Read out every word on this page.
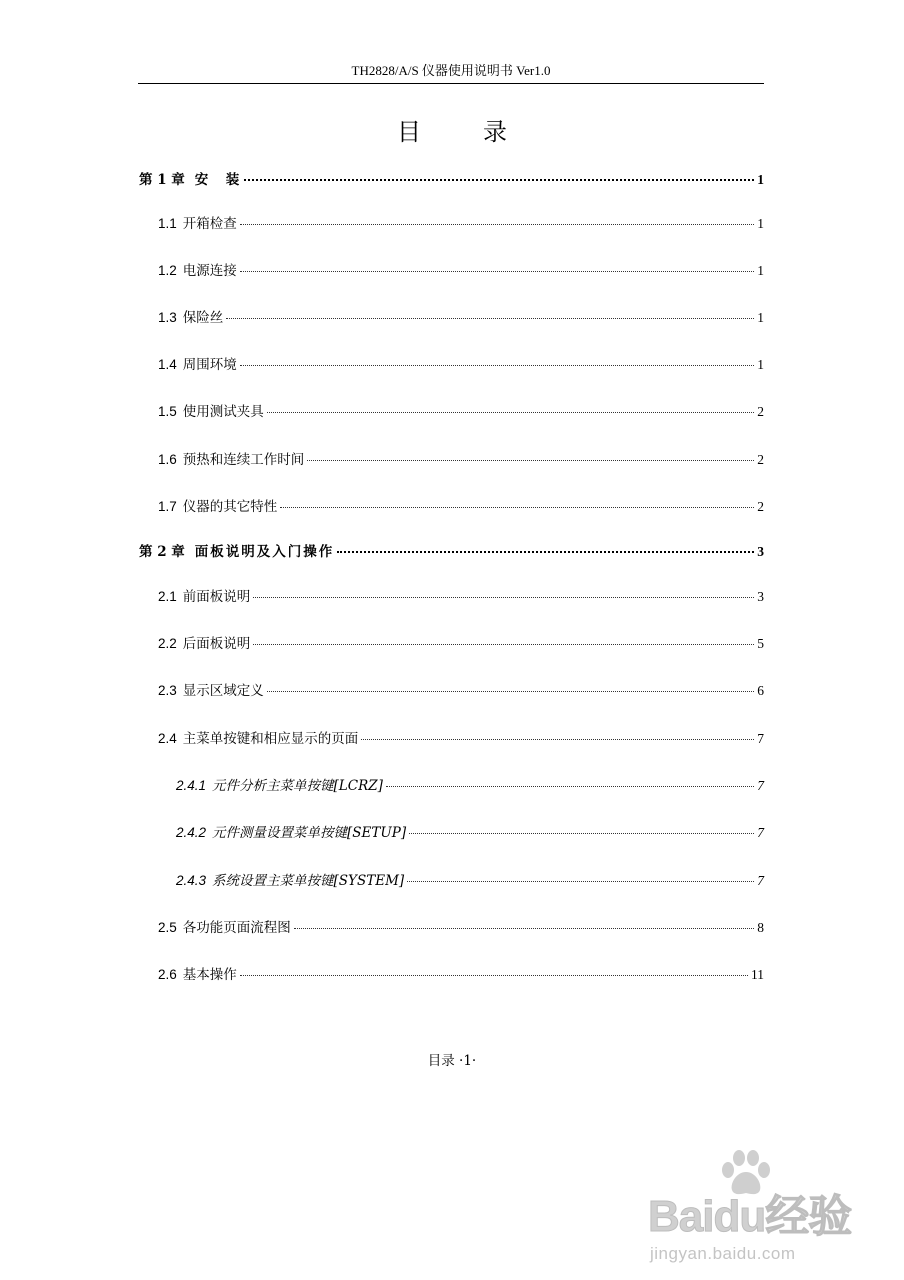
TH2828/A/S 仪器使用说明书 Ver1.0
目录
第 1 章 安　装	1
1.1 开箱检查	1
1.2 电源连接	1
1.3 保险丝	1
1.4 周围环境	1
1.5 使用测试夹具	2
1.6 预热和连续工作时间	2
1.7 仪器的其它特性	2
第 2 章 面板说明及入门操作	3
2.1 前面板说明	3
2.2 后面板说明	5
2.3 显示区域定义	6
2.4 主菜单按键和相应显示的页面	7
2.4.1 元件分析主菜单按键[LCRZ]	7
2.4.2 元件测量设置菜单按键[SETUP]	7
2.4.3 系统设置主菜单按键[SYSTEM]	7
2.5 各功能页面流程图	8
2.6 基本操作	11
目录 ·1·
Baidu经验
jingyan.baidu.com
